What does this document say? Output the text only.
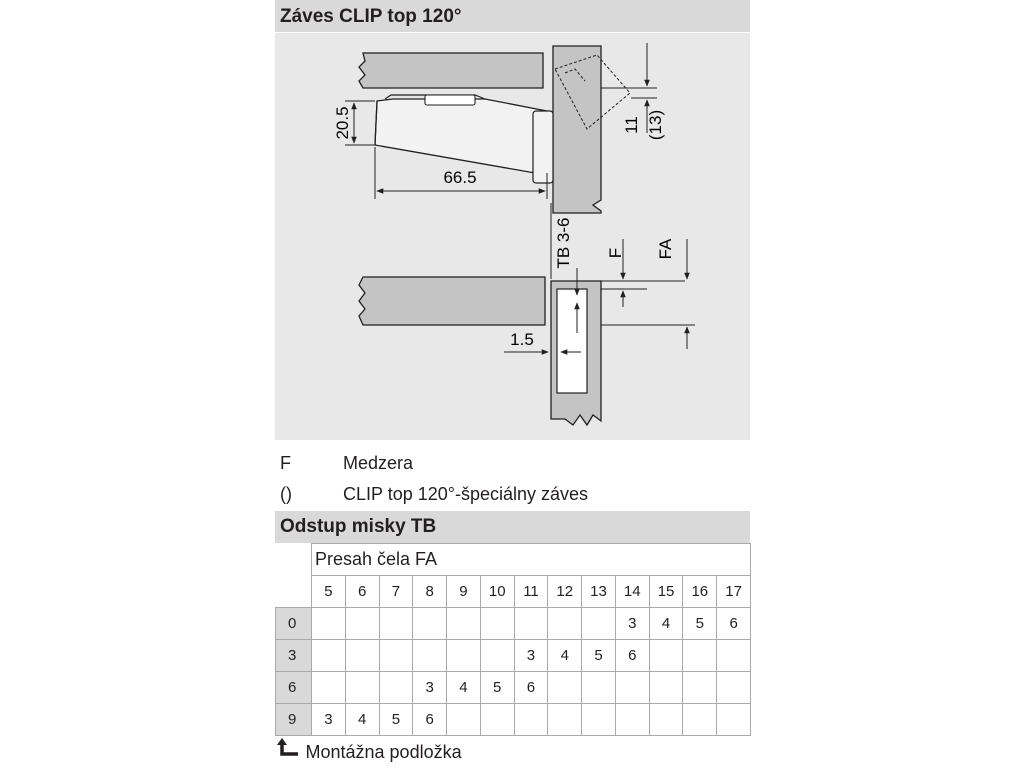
Záves CLIP top 120°
20.5
66.5
11 (13)
TB 3-6 F FA
1.5
F	Medzera
()	CLIP top 120°-špeciálny záves
Odstup misky TB
	Presah čela FA												
	5	6	7	8	9	10	11	12	13	14	15	16	17
0										3	4	5	6
3							3	4	5	6			
6				3	4	5	6						
9	3	4	5	6									

Montážna podložka													
